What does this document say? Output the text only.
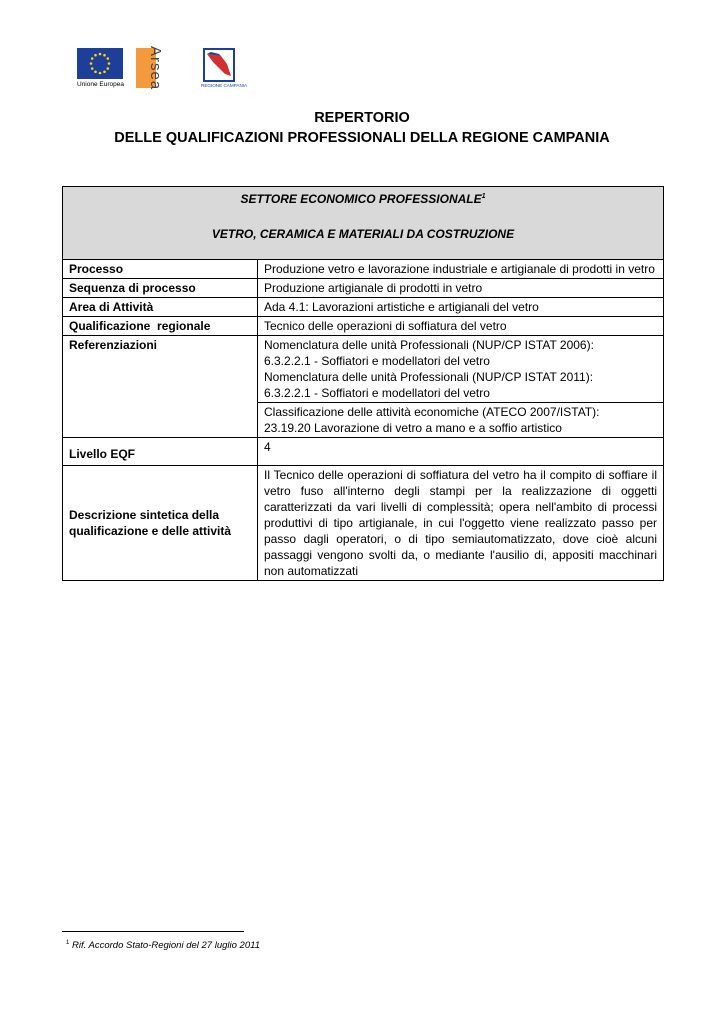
Unione Europea Arsea	REGIONE CAMPANIA
REPERTORIO
DELLE QUALIFICAZIONI PROFESSIONALI DELLA REGIONE CAMPANIA
SETTORE ECONOMICO PROFESSIONALE$^1$
VETRO, CERAMICA E MATERIALI DA COSTRUZIONE	

Processo	Produzione vetro e lavorazione industriale e artigianale di prodotti in vetro
Sequenza di processo	Produzione artigianale di prodotti in vetro
Area di Attività	Ada 4.1: Lavorazioni artistiche e artigianali del vetro
Qualificazione  regionale	Tecnico delle operazioni di soffiatura del vetro
Referenziazioni	Nomenclatura delle unità Professionali (NUP/CP ISTAT 2006):
6.3.2.2.1 - Soffiatori e modellatori del vetro
Nomenclatura delle unità Professionali (NUP/CP ISTAT 2011):
6.3.2.2.1 - Soffiatori e modellatori del vetro

	Classificazione delle attività economiche (ATECO 2007/ISTAT):
23.19.20 Lavorazione di vetro a mano e a soffio artistico

Livello EQF	4
Descrizione sintetica della qualificazione e delle attività	Il Tecnico delle operazioni di soffiatura del vetro ha il compito di soffiare il vetro fuso all'interno degli stampi per la realizzazione di oggetti caratterizzati da vari livelli di complessità; opera nell'ambito di processi produttivi di tipo artigianale, in cui l'oggetto viene realizzato passo per passo dagli operatori, o di tipo semiautomatizzato, dove cioè alcuni passaggi vengono svolti da, o mediante l'ausilio di, appositi macchinari non automatizzati
$^1$ Rif. Accordo Stato-Regioni del 27 luglio 2011
